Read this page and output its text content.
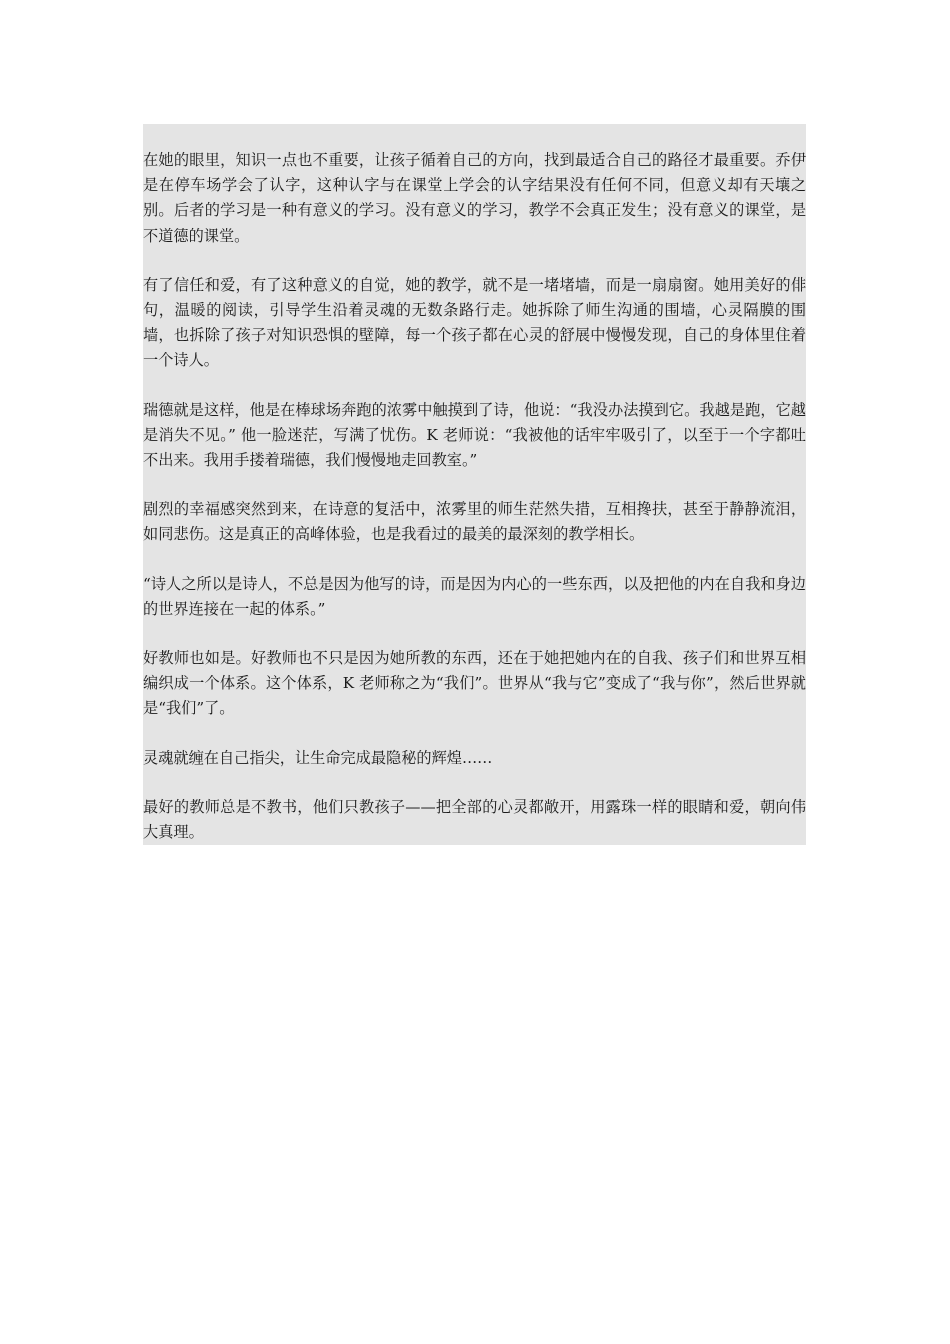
在她的眼里，知识一点也不重要，让孩子循着自己的方向，找到最适合自己的路径才最重要。乔伊是在停车场学会了认字，这种认字与在课堂上学会的认字结果没有任何不同，但意义却有天壤之别。后者的学习是一种有意义的学习。没有意义的学习，教学不会真正发生；没有意义的课堂，是不道德的课堂。

有了信任和爱，有了这种意义的自觉，她的教学，就不是一堵堵墙，而是一扇扇窗。她用美好的俳句，温暖的阅读，引导学生沿着灵魂的无数条路行走。她拆除了师生沟通的围墙，心灵隔膜的围墙，也拆除了孩子对知识恐惧的壁障，每一个孩子都在心灵的舒展中慢慢发现，自己的身体里住着一个诗人。

瑞德就是这样，他是在棒球场奔跑的浓雾中触摸到了诗，他说：“我没办法摸到它。我越是跑，它越是消失不见。” 他一脸迷茫，写满了忧伤。K 老师说：“我被他的话牢牢吸引了，以至于一个字都吐不出来。我用手搂着瑞德，我们慢慢地走回教室。”

剧烈的幸福感突然到来，在诗意的复活中，浓雾里的师生茫然失措，互相搀扶，甚至于静静流泪，如同悲伤。这是真正的高峰体验，也是我看过的最美的最深刻的教学相长。

“诗人之所以是诗人，不总是因为他写的诗，而是因为内心的一些东西，以及把他的内在自我和身边的世界连接在一起的体系。”

好教师也如是。好教师也不只是因为她所教的东西，还在于她把她内在的自我、孩子们和世界互相编织成一个体系。这个体系，K 老师称之为“我们”。世界从“我与它”变成了“我与你”，然后世界就是“我们”了。

灵魂就缠在自己指尖，让生命完成最隐秘的辉煌……

最好的教师总是不教书，他们只教孩子——把全部的心灵都敞开，用露珠一样的眼睛和爱，朝向伟大真理。
